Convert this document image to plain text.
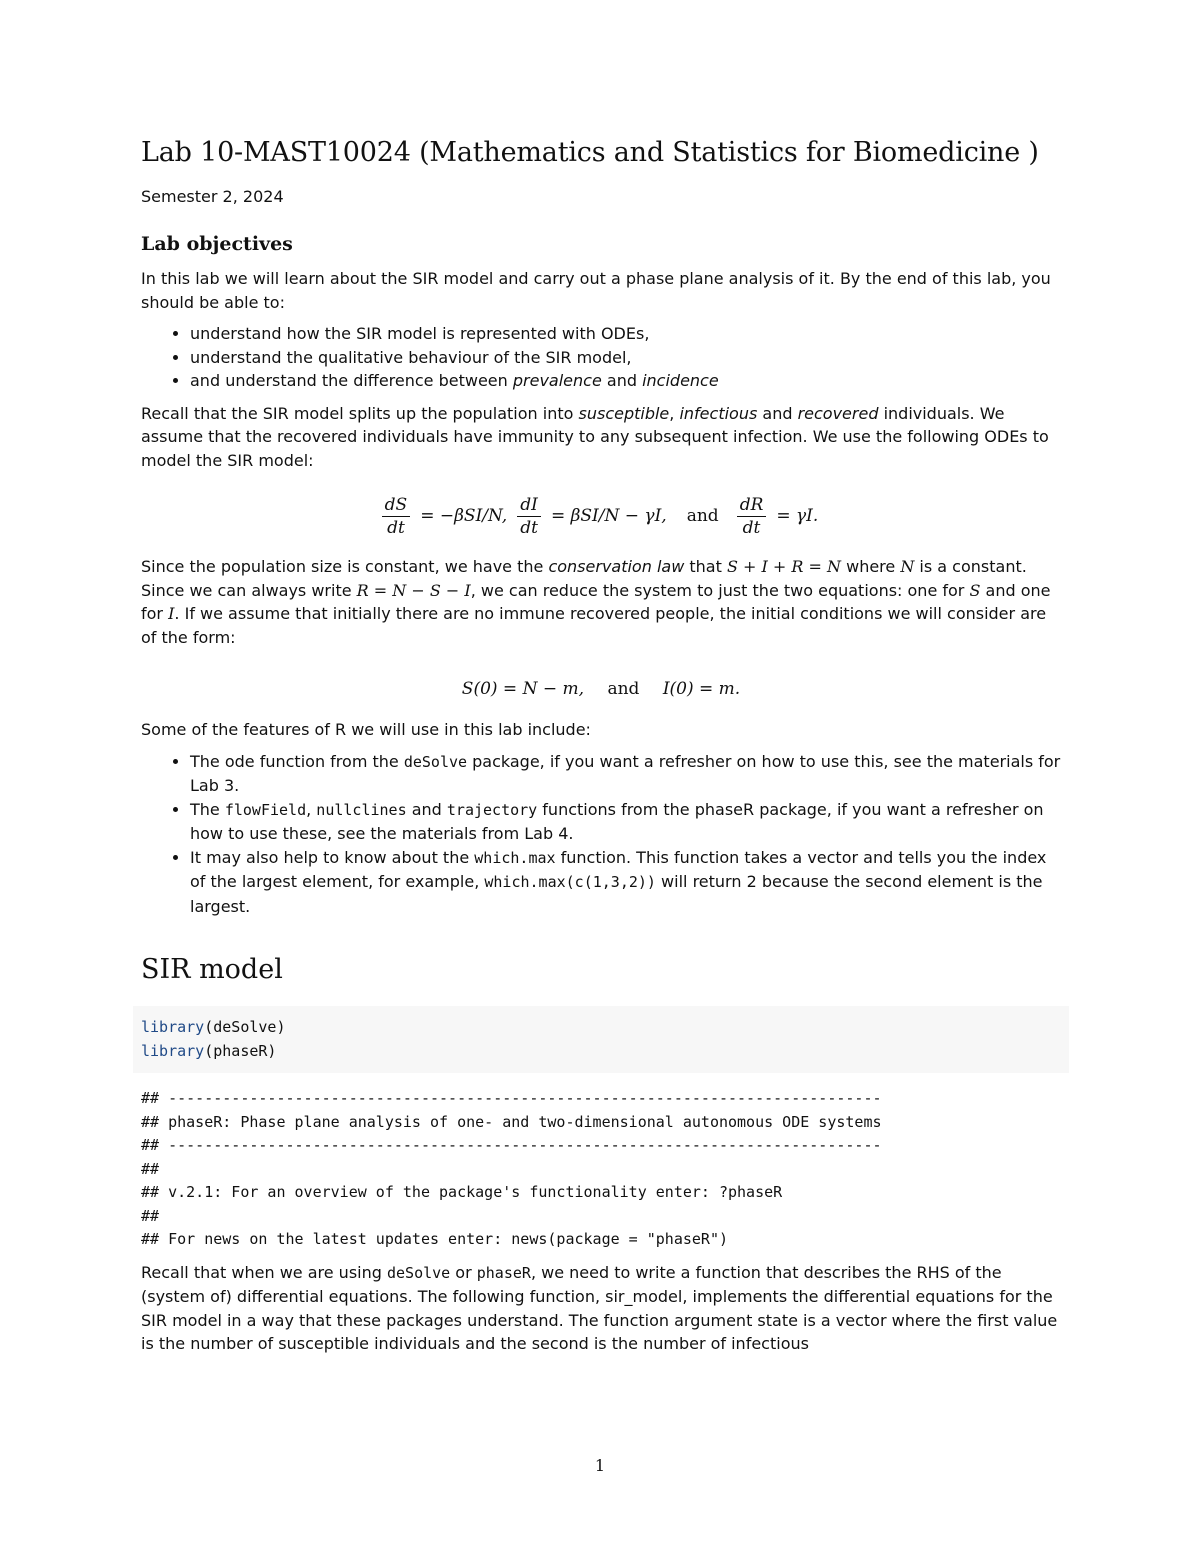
Lab 10-MAST10024 (Mathematics and Statistics for Biomedicine )
Semester 2, 2024
Lab objectives

In this lab we will learn about the SIR model and carry out a phase plane analysis of it. By the end of this lab, you should be able to:

• understand how the SIR model is represented with ODEs,
• understand the qualitative behaviour of the SIR model,
• and understand the difference between prevalence and incidence

Recall that the SIR model splits up the population into susceptible, infectious and recovered individuals. We assume that the recovered individuals have immunity to any subsequent infection. We use the following ODEs to model the SIR model:

$\frac{dS}{dt} = -\beta SI/N$, $\frac{dI}{dt} = \beta SI/N - \gamma I$, and $\frac{dR}{dt} = \gamma I$.

Since the population size is constant, we have the conservation law that S + I + R = N where N is a constant. Since we can always write R = N − S − I, we can reduce the system to just the two equations: one for S and one for I. If we assume that initially there are no immune recovered people, the initial conditions we will consider are of the form:

S(0) = N − m, and I(0) = m.

Some of the features of R we will use in this lab include:

• The ode function from the deSolve package, if you want a refresher on how to use this, see the materials for Lab 3.
• The flowField, nullclines and trajectory functions from the phaseR package, if you want a refresher on how to use these, see the materials from Lab 4.
• It may also help to know about the which.max function. This function takes a vector and tells you the index of the largest element, for example, which.max(c(1,3,2)) will return 2 because the second element is the largest.
SIR model
library(deSolve)
library(phaseR)
## -------------------------------------------------------------------------------
## phaseR: Phase plane analysis of one- and two-dimensional autonomous ODE systems
## -------------------------------------------------------------------------------
##
## v.2.1: For an overview of the package's functionality enter: ?phaseR
##
## For news on the latest updates enter: news(package = "phaseR")

Recall that when we are using deSolve or phaseR, we need to write a function that describes the RHS of the (system of) differential equations. The following function, sir_model, implements the differential equations for the SIR model in a way that these packages understand. The function argument state is a vector where the first value is the number of susceptible individuals and the second is the number of infectious

1
